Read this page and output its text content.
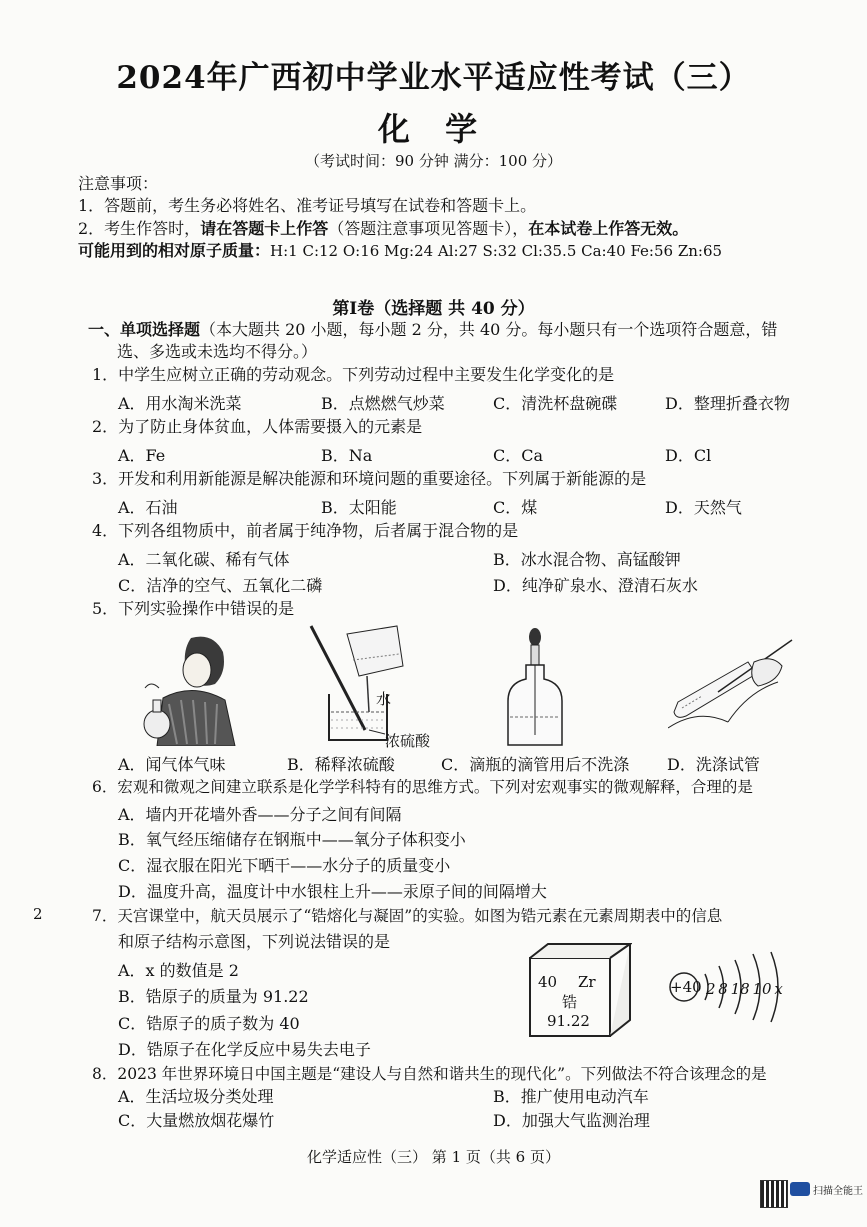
2024年广西初中学业水平适应性考试（三）
化 学
（考试时间：90 分钟 满分：100 分）
注意事项：
1．答题前，考生务必将姓名、准考证号填写在试卷和答题卡上。
2．考生作答时，请在答题卡上作答（答题注意事项见答题卡），在本试卷上作答无效。
可能用到的相对原子质量：H:1 C:12 O:16 Mg:24 Al:27 S:32 Cl:35.5 Ca:40 Fe:56 Zn:65
第Ⅰ卷（选择题 共 40 分）
一、单项选择题（本大题共 20 小题，每小题 2 分，共 40 分。每小题只有一个选项符合题意，错
选、多选或未选均不得分。）
1．中学生应树立正确的劳动观念。下列劳动过程中主要发生化学变化的是
A．用水淘米洗菜	B．点燃燃气炒菜	C．清洗杯盘碗碟	D．整理折叠衣物
2．为了防止身体贫血，人体需要摄入的元素是
A．Fe	B．Na	C．Ca	D．Cl
3．开发和利用新能源是解决能源和环境问题的重要途径。下列属于新能源的是
A．石油	B．太阳能	C．煤	D．天然气
4．下列各组物质中，前者属于纯净物，后者属于混合物的是
A．二氧化碳、稀有气体	B．冰水混合物、高锰酸钾
C．洁净的空气、五氧化二磷	D．纯净矿泉水、澄清石灰水
5．下列实验操作中错误的是
水
浓硫酸
A．闻气体气味	B．稀释浓硫酸	C．滴瓶的滴管用后不洗涤 D．洗涤试管
6．宏观和微观之间建立联系是化学学科特有的思维方式。下列对宏观事实的微观解释，合理的是
A．墙内开花墙外香——分子之间有间隔
B．氧气经压缩储存在钢瓶中——氧分子体积变小
C．湿衣服在阳光下晒干——水分子的质量变小
D．温度升高，温度计中水银柱上升——汞原子间的间隔增大
2	7．天宫课堂中，航天员展示了“锆熔化与凝固”的实验。如图为锆元素在元素周期表中的信息
和原子结构示意图，下列说法错误的是
A．x 的数值是 2
B．锆原子的质量为 91.22
C．锆原子的质子数为 40
D．锆原子在化学反应中易失去电子
40 Zr
锆
91.22
+40 2 8 18 10 x
8．2023 年世界环境日中国主题是“建设人与自然和谐共生的现代化”。下列做法不符合该理念的是
A．生活垃圾分类处理	B．推广使用电动汽车
C．大量燃放烟花爆竹	D．加强大气监测治理
化学适应性（三） 第 1 页（共 6 页）
扫描全能王
